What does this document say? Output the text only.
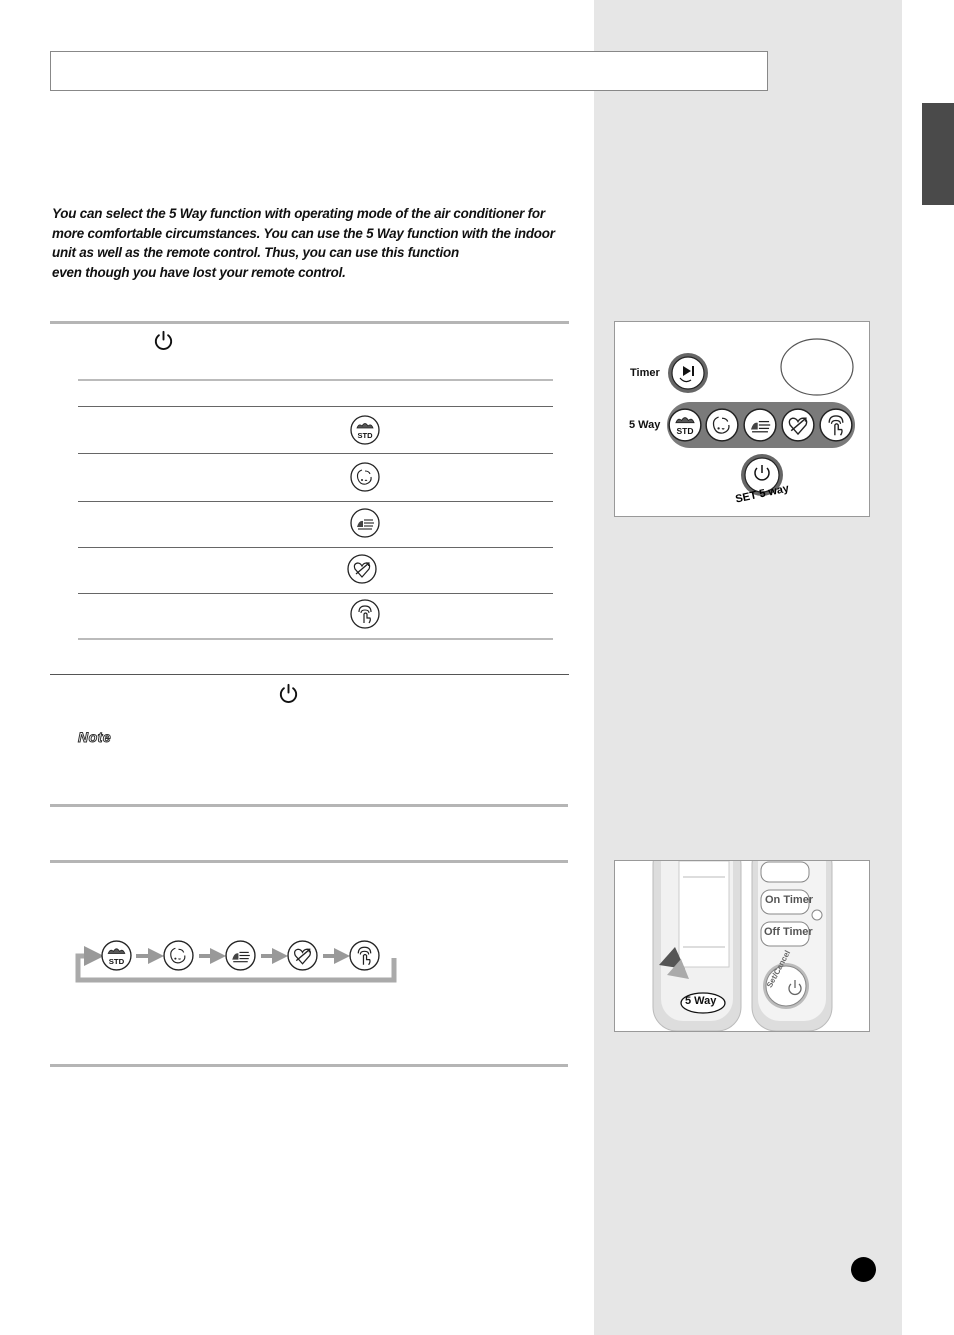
You can select the 5 Way function with operating mode of the air conditioner for
more comfortable circumstances. You can use the 5 Way function with the indoor
unit as well as the remote control. Thus, you can use this function
even though you have lost your remote control.
Note
Timer
5 Way
SET 5 way
On Timer
Off Timer
Set/Cancel
5 Way
